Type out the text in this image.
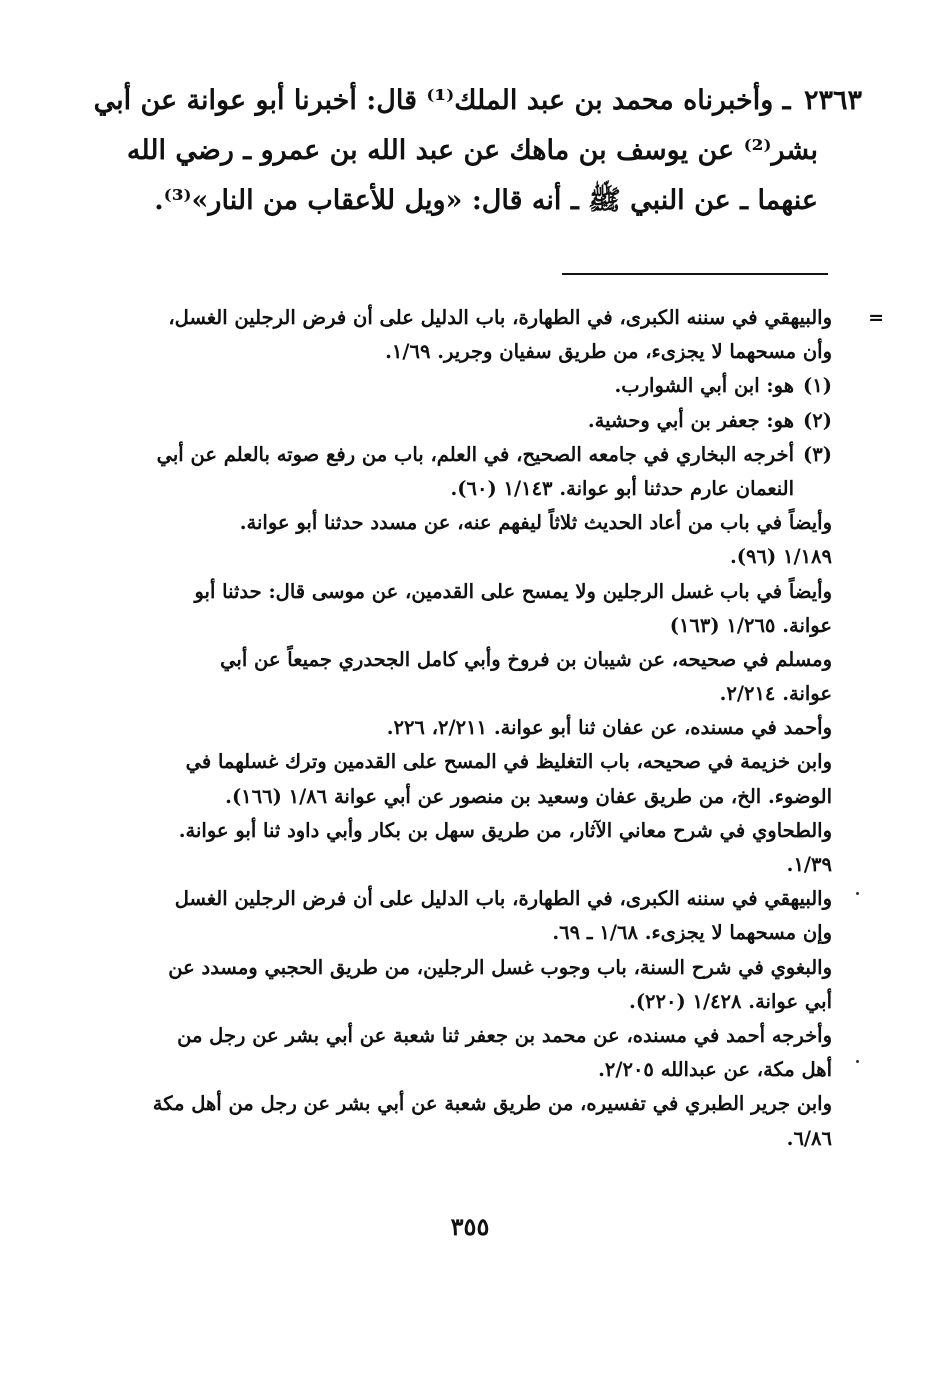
٢٣٦٣ ـ وأخبرناه محمد بن عبد الملك⁽¹⁾ قال: أخبرنا أبو عوانة عن أبي
بشر⁽²⁾ عن يوسف بن ماهك عن عبد الله بن عمرو ـ رضي الله
عنهما ـ عن النبي ﷺ ـ أنه قال: «ويل للأعقاب من النار»⁽³⁾.
=
والبيهقي في سننه الكبرى، في الطهارة، باب الدليل على أن فرض الرجلين الغسل،
وأن مسحهما لا يجزىء، من طريق سفيان وجرير. ١/٦٩.
(١)هو: ابن أبي الشوارب.
(٢)هو: جعفر بن أبي وحشية.
(٣)أخرجه البخاري في جامعه الصحيح، في العلم، باب من رفع صوته بالعلم عن أبي
النعمان عارم حدثنا أبو عوانة. ١/١٤٣ (٦٠).
وأيضاً في باب من أعاد الحديث ثلاثاً ليفهم عنه، عن مسدد حدثنا أبو عوانة.
١/١٨٩ (٩٦).
وأيضاً في باب غسل الرجلين ولا يمسح على القدمين، عن موسى قال: حدثنا أبو
عوانة. ١/٢٦٥ (١٦٣)
ومسلم في صحيحه، عن شيبان بن فروخ وأبي كامل الجحدري جميعاً عن أبي
عوانة. ٢/٢١٤.
وأحمد في مسنده، عن عفان ثنا أبو عوانة. ٢/٢١١، ٢٢٦.
وابن خزيمة في صحيحه، باب التغليظ في المسح على القدمين وترك غسلهما في
الوضوء. الخ، من طريق عفان وسعيد بن منصور عن أبي عوانة ١/٨٦ (١٦٦).
والطحاوي في شرح معاني الآثار، من طريق سهل بن بكار وأبي داود ثنا أبو عوانة.
١/٣٩.
والبيهقي في سننه الكبرى، في الطهارة، باب الدليل على أن فرض الرجلين الغسل
وإن مسحهما لا يجزىء. ١/٦٨ ـ ٦٩.
والبغوي في شرح السنة، باب وجوب غسل الرجلين، من طريق الحجبي ومسدد عن
أبي عوانة. ١/٤٢٨ (٢٢٠).
وأخرجه أحمد في مسنده، عن محمد بن جعفر ثنا شعبة عن أبي بشر عن رجل من
أهل مكة، عن عبدالله ٢/٢٠٥.
وابن جرير الطبري في تفسيره، من طريق شعبة عن أبي بشر عن رجل من أهل مكة
٦/٨٦.
٣٥٥
